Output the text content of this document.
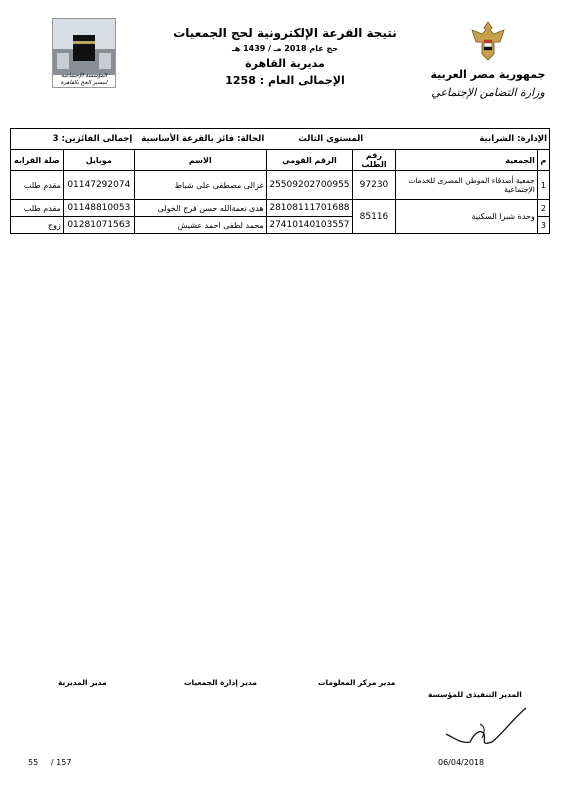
نتيجة القرعة الإلكترونية لحج الجمعيات
حج عام 2018 مـ / 1439 هـ
مديرية القاهرة
الإجمالى العام : 1258
المؤسسة الإجتماعية لتيسير الحج بالقاهرة
جمهورية مصر العربية
وزارة التضامن الإجتماعي
الإدارة: الشرابية		المستوى الثالث		الحالة: فائز بالقرعة الأساسية	إجمالى الفائزين: 3	
م	الجمعية	رقم الطلب	الرقم القومي	الاسم	موبايل	صلة القرابه
1	جمعية أصدقاء الموطن المصرى للخدمات الإجتماعية	97230	25509202700955	غزالى مصطفى على شباط	01147292074	مقدم طلب
2	وحدة شبرا السكنية	85116	28108111701688	هدى نعمةالله حسن فرج الخولى	01148810053	مقدم طلب
3			27410140103557	محمد لطفى احمد عشيش	01281071563	زوج
مدير المديرية	مدير إدارة الجمعيات	مدير مركز المعلومات
المدير التنفيذى للمؤسسة
55 / 157	06/04/2018
